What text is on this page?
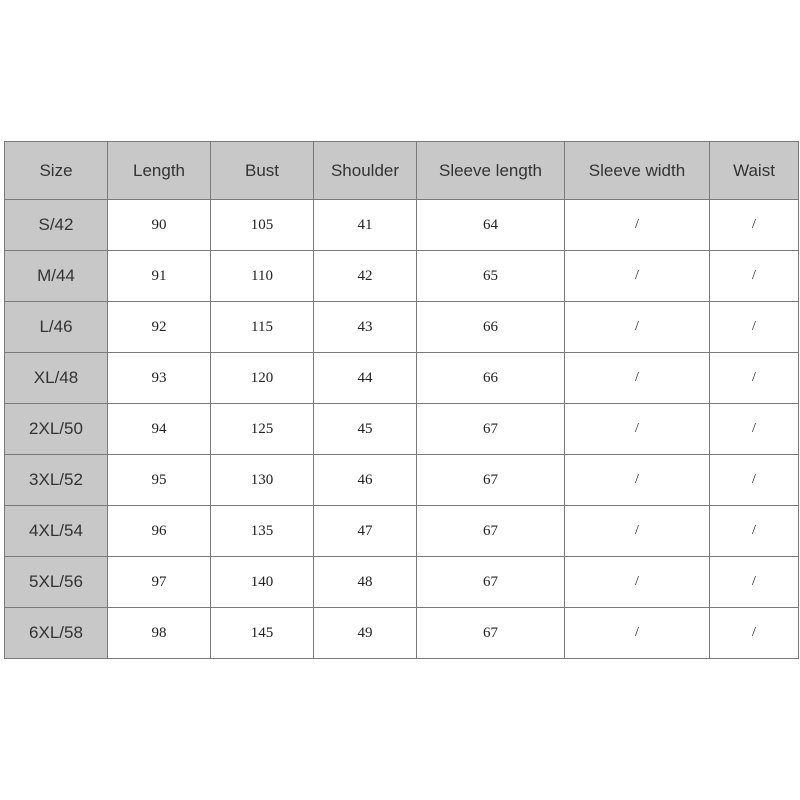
Size	Length	Bust	Shoulder	Sleeve length	Sleeve width	Waist
S/42	90	105	41	64	/	/
M/44	91	110	42	65	/	/
L/46	92	115	43	66	/	/
XL/48	93	120	44	66	/	/
2XL/50	94	125	45	67	/	/
3XL/52	95	130	46	67	/	/
4XL/54	96	135	47	67	/	/
5XL/56	97	140	48	67	/	/
6XL/58	98	145	49	67	/	/
